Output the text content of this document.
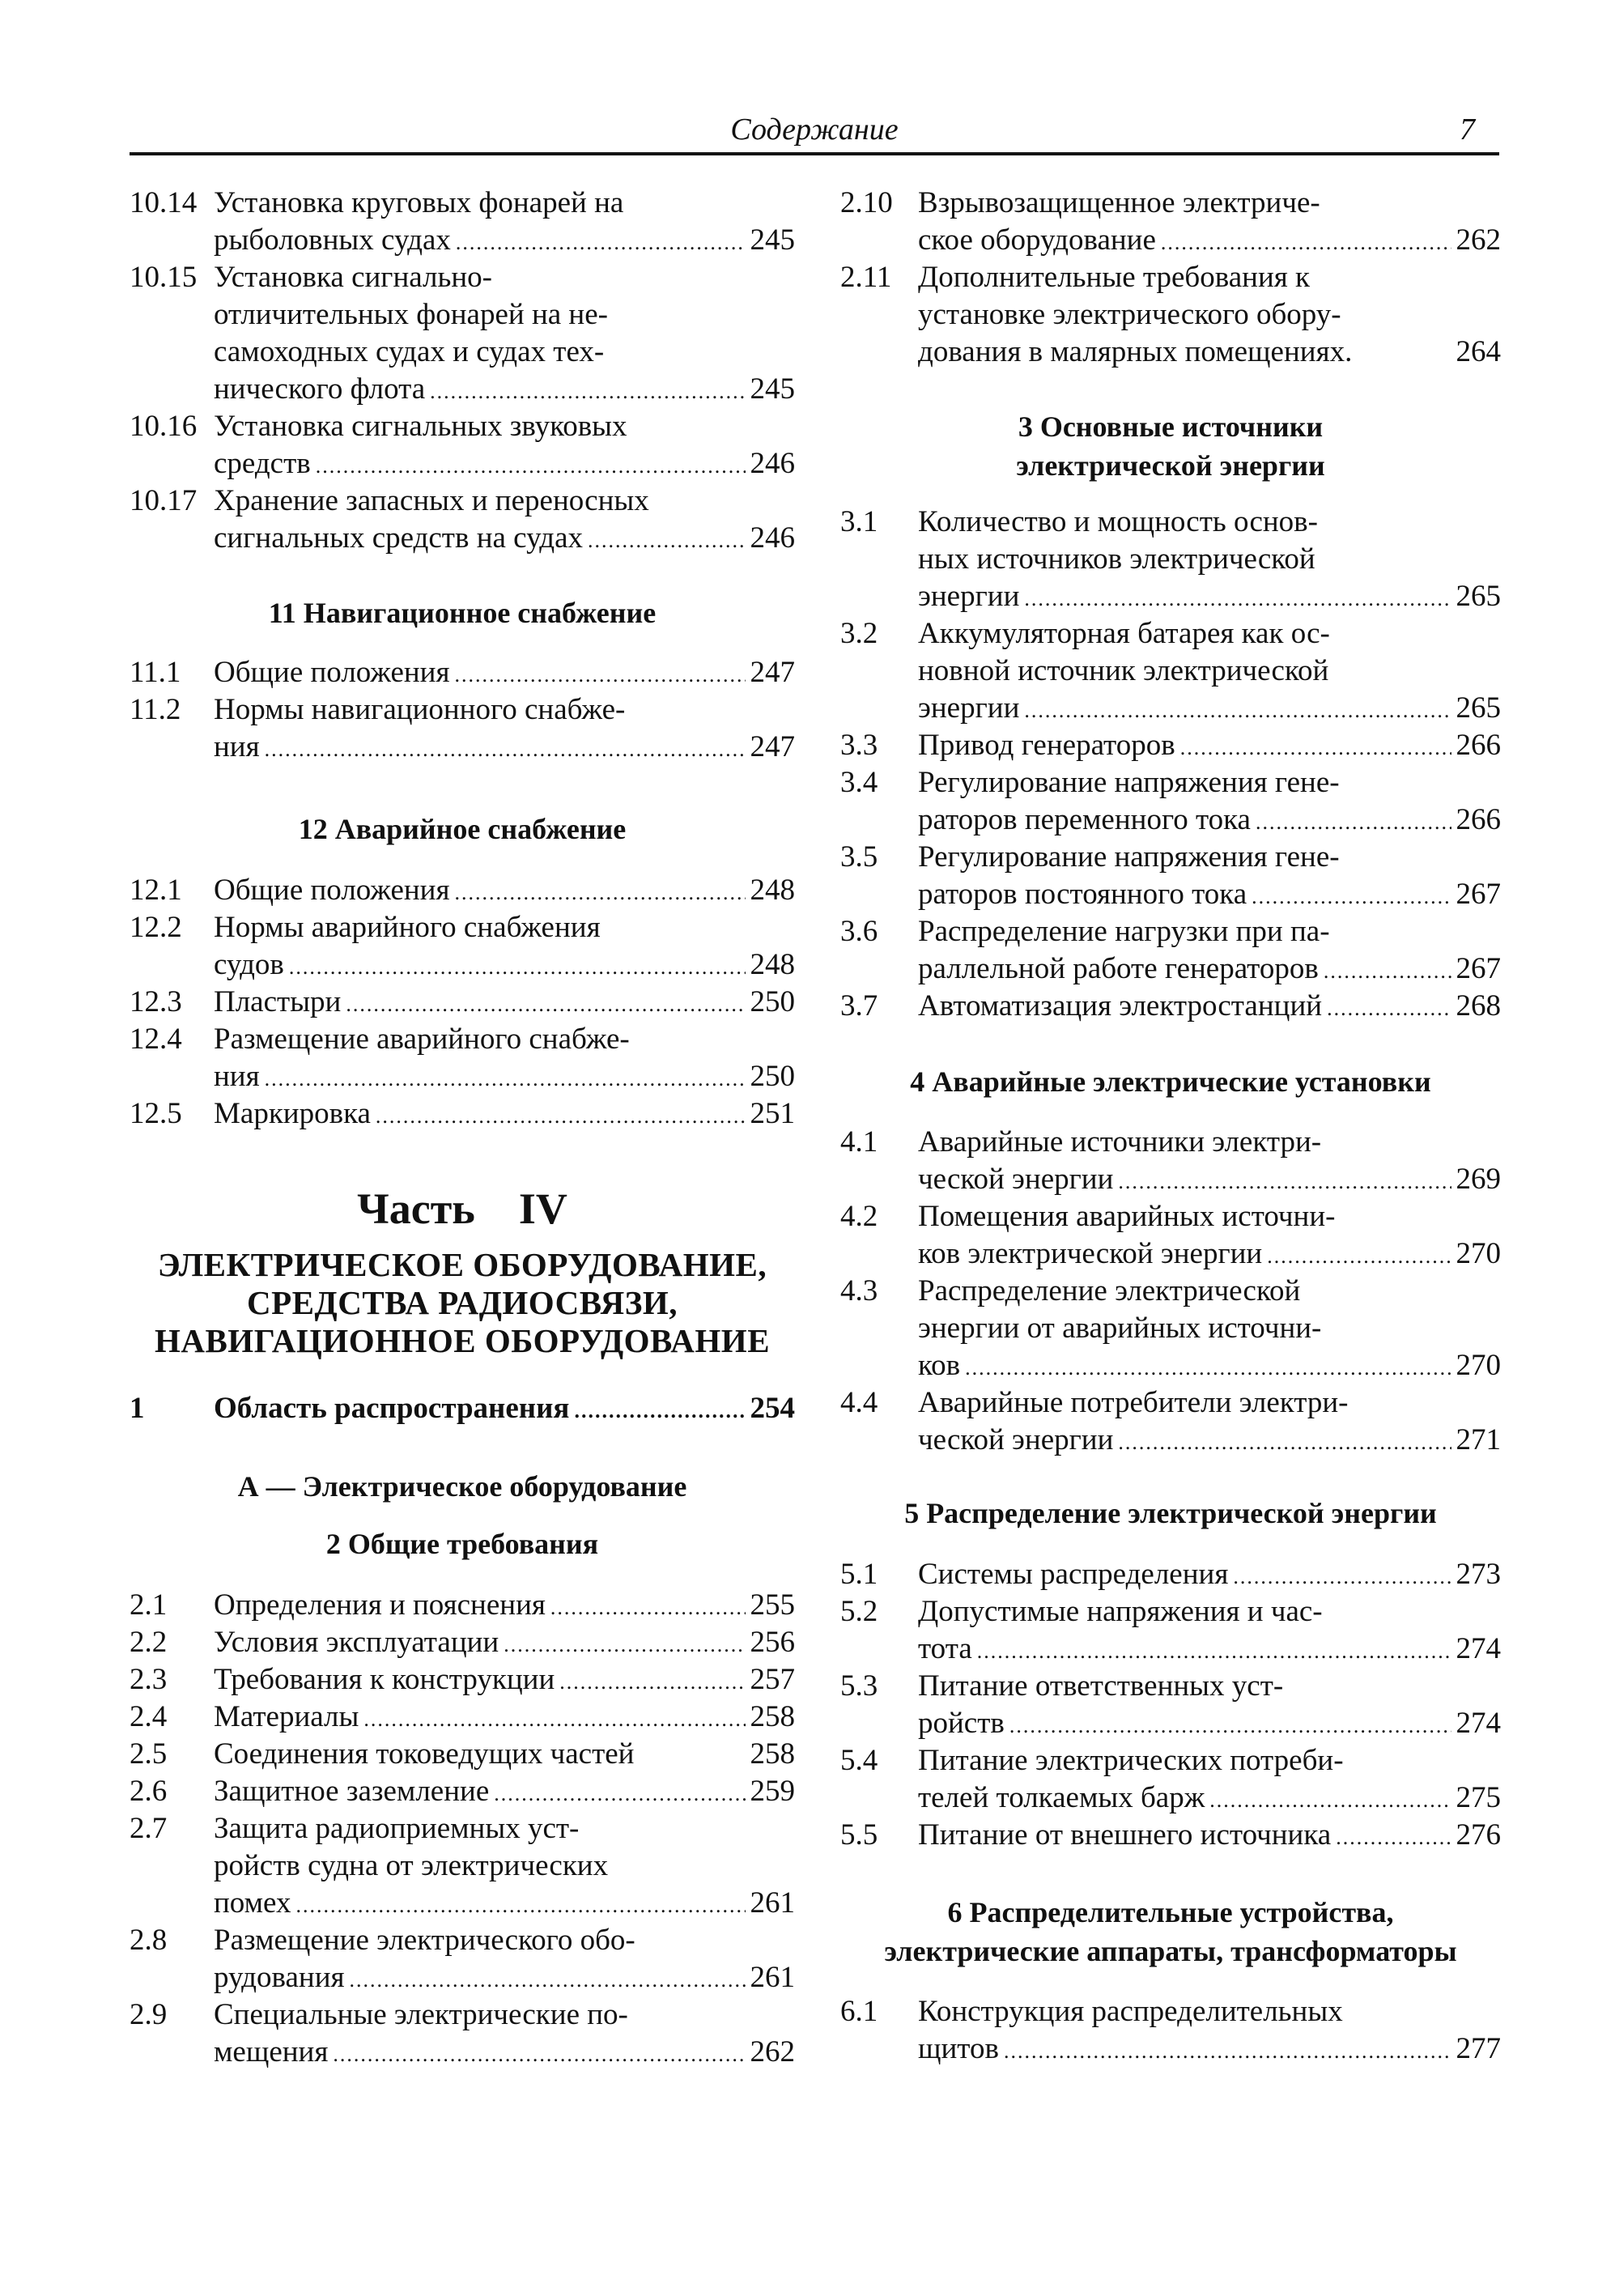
Содержание	7
10.14 Установка круговых фонарей на
рыболовных судах .....	245
10.15 Установка сигнально-
отличительных фонарей на не-
самоходных судах и судах тех-
нического флота .....	245
10.16 Установка сигнальных звуковых
средств .....	246
10.17 Хранение запасных и переносных
сигнальных средств на судах .....	246
11 Навигационное снабжение
11.1 Общие положения .....	247
11.2 Нормы навигационного снабже-
ния .....	247
12 Аварийное снабжение
12.1 Общие положения .....	248
12.2 Нормы аварийного снабжения
судов .....	248
12.3 Пластыри .....	250
12.4 Размещение аварийного снабже-
ния .....	250
12.5 Маркировка .....	251
Часть    IV
ЭЛЕКТРИЧЕСКОЕ ОБОРУДОВАНИЕ,
СРЕДСТВА РАДИОСВЯЗИ,
НАВИГАЦИОННОЕ ОБОРУДОВАНИЕ
1 Область распространения .....	254
А — Электрическое оборудование
2 Общие требования
2.1 Определения и пояснения .....	255
2.2 Условия эксплуатации .....	256
2.3 Требования к конструкции .....	257
2.4 Материалы .....	258
2.5 Соединения токоведущих частей	258
2.6 Защитное заземление .....	259
2.7 Защита радиоприемных уст-
ройств судна от электрических
помех .....	261
2.8 Размещение электрического обо-
рудования .....	261
2.9 Специальные электрические по-
мещения .....	262
2.10 Взрывозащищенное электриче-
ское оборудование .....	262
2.11 Дополнительные требования к
установке электрического обору-
дования в малярных помещениях.	264
3 Основные источники
электрической энергии
3.1 Количество и мощность основ-
ных источников электрической
энергии .....	265
3.2 Аккумуляторная батарея как ос-
новной источник электрической
энергии .....	265
3.3 Привод генераторов .....	266
3.4 Регулирование напряжения гене-
раторов переменного тока .....	266
3.5 Регулирование напряжения гене-
раторов постоянного тока .....	267
3.6 Распределение нагрузки при па-
раллельной работе генераторов .....	267
3.7 Автоматизация электростанций .....	268
4 Аварийные электрические установки
4.1 Аварийные источники электри-
ческой энергии .....	269
4.2 Помещения аварийных источни-
ков электрической энергии .....	270
4.3 Распределение электрической
энергии от аварийных источни-
ков .....	270
4.4 Аварийные потребители электри-
ческой энергии .....	271
5 Распределение электрической энергии
5.1 Системы распределения .....	273
5.2 Допустимые напряжения и час-
тота .....	274
5.3 Питание ответственных уст-
ройств .....	274
5.4 Питание электрических потреби-
телей толкаемых барж .....	275
5.5 Питание от внешнего источника .....	276
6 Распределительные устройства,
электрические аппараты, трансформаторы
6.1 Конструкция распределительных
щитов .....	277
